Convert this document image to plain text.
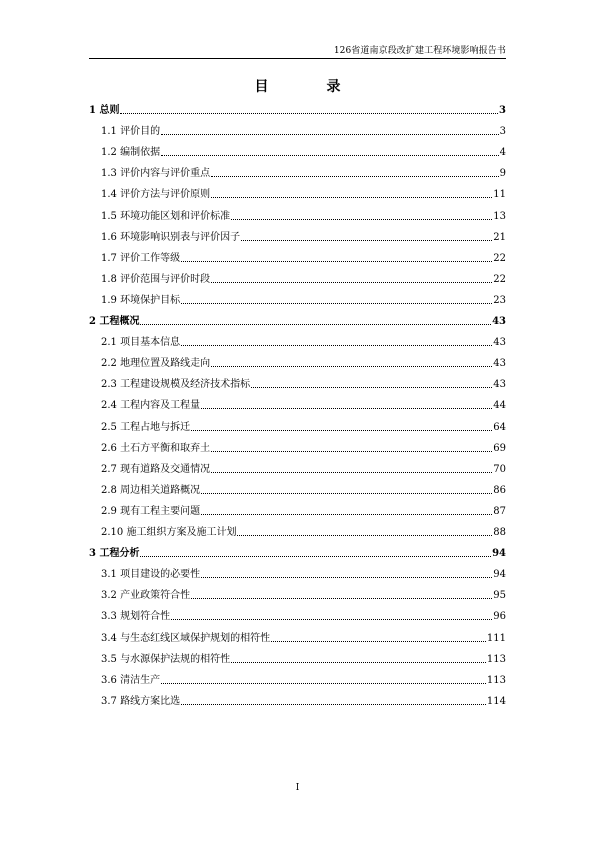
126省道南京段改扩建工程环境影响报告书
目　录
1 总则	3
1.1 评价目的	3
1.2 编制依据	4
1.3 评价内容与评价重点	9
1.4 评价方法与评价原则	11
1.5 环境功能区划和评价标准	13
1.6 环境影响识别表与评价因子	21
1.7 评价工作等级	22
1.8 评价范围与评价时段	22
1.9 环境保护目标	23
2 工程概况	43
2.1 项目基本信息	43
2.2 地理位置及路线走向	43
2.3 工程建设规模及经济技术指标	43
2.4 工程内容及工程量	44
2.5 工程占地与拆迁	64
2.6 土石方平衡和取弃土	69
2.7 现有道路及交通情况	70
2.8 周边相关道路概况	86
2.9 现有工程主要问题	87
2.10 施工组织方案及施工计划	88
3 工程分析	94
3.1 项目建设的必要性	94
3.2 产业政策符合性	95
3.3 规划符合性	96
3.4 与生态红线区域保护规划的相符性	111
3.5 与水源保护法规的相符性	113
3.6 清洁生产	113
3.7 路线方案比选	114
I
